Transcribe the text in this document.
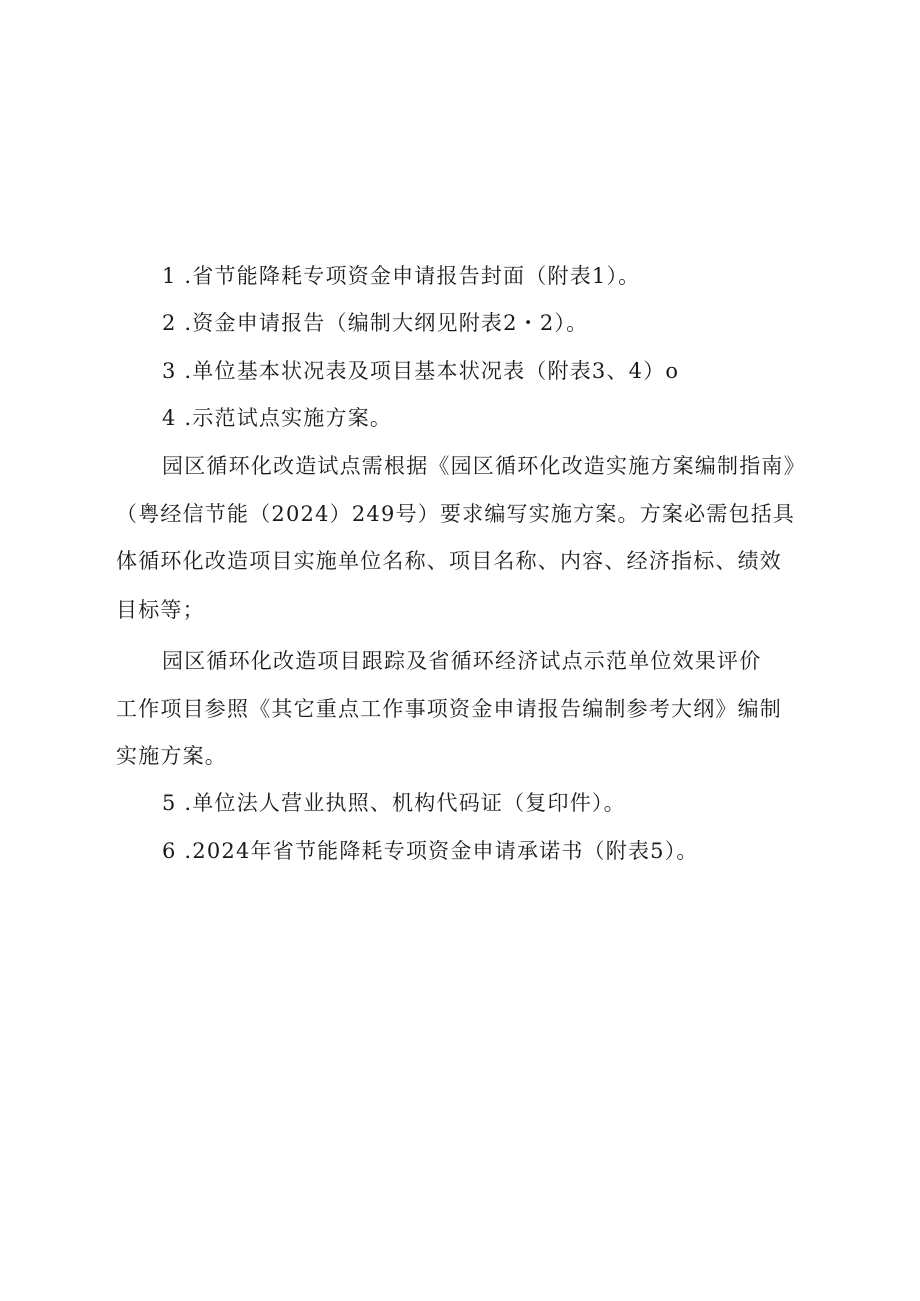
1 .省节能降耗专项资金申请报告封面（附表1）。
2 .资金申请报告（编制大纲见附表2・2）。
3 .单位基本状况表及项目基本状况表（附表3、4）o
4 .示范试点实施方案。
园区循环化改造试点需根据《园区循环化改造实施方案编制指南》
（粤经信节能（2024）249号）要求编写实施方案。方案必需包括具
体循环化改造项目实施单位名称、项目名称、内容、经济指标、绩效
目标等；
园区循环化改造项目跟踪及省循环经济试点示范单位效果评价
工作项目参照《其它重点工作事项资金申请报告编制参考大纲》编制
实施方案。
5 .单位法人营业执照、机构代码证（复印件）。
6 .2024年省节能降耗专项资金申请承诺书（附表5）。
